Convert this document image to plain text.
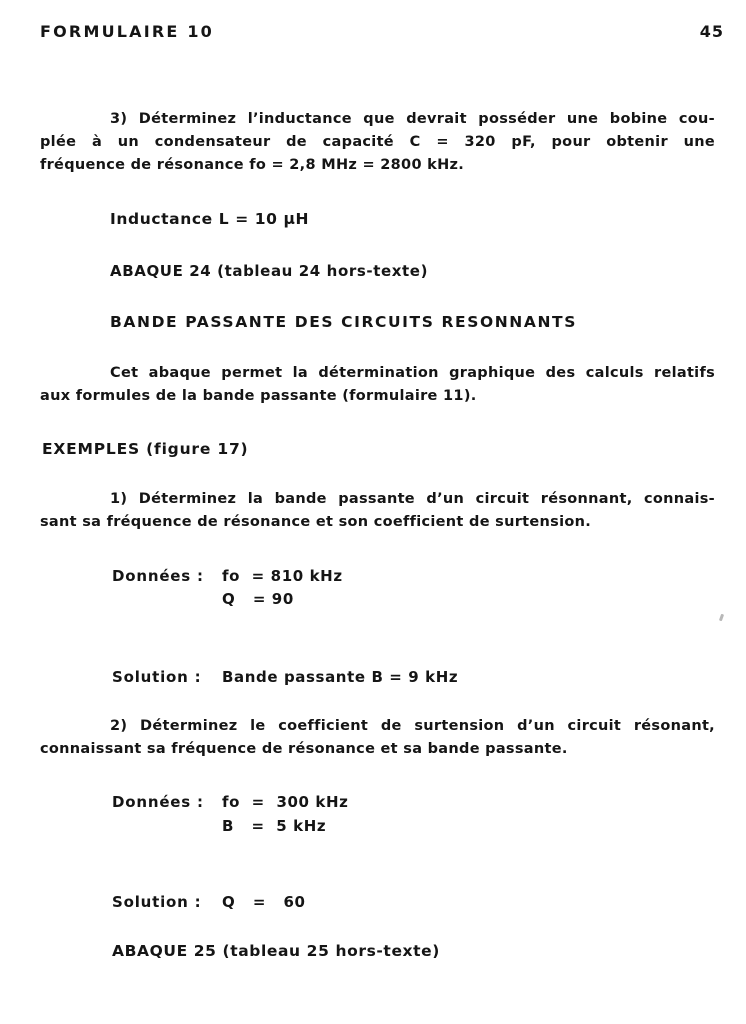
FORMULAIRE 10	45
3) Déterminez l’inductance que devrait posséder une bobine cou-
plée à un condensateur de capacité C = 320 pF, pour obtenir une
fréquence de résonance fo = 2,8 MHz = 2800 kHz.
Inductance L = 10 μH
ABAQUE 24 (tableau 24 hors-texte)
BANDE PASSANTE DES CIRCUITS RESONNANTS
Cet abaque permet la détermination graphique des calculs relatifs
aux formules de la bande passante (formulaire 11).
EXEMPLES (figure 17)
1) Déterminez la bande passante d’un circuit résonnant, connais-
sant sa fréquence de résonance et son coefficient de surtension.
Données : fo  = 810 kHz
Q   = 90
Solution : Bande passante B = 9 kHz
2) Déterminez le coefficient de surtension d’un circuit résonant,
connaissant sa fréquence de résonance et sa bande passante.
Données : fo  =  300 kHz
B   =  5 kHz
Solution : Q   =   60
ABAQUE 25 (tableau 25 hors-texte)
